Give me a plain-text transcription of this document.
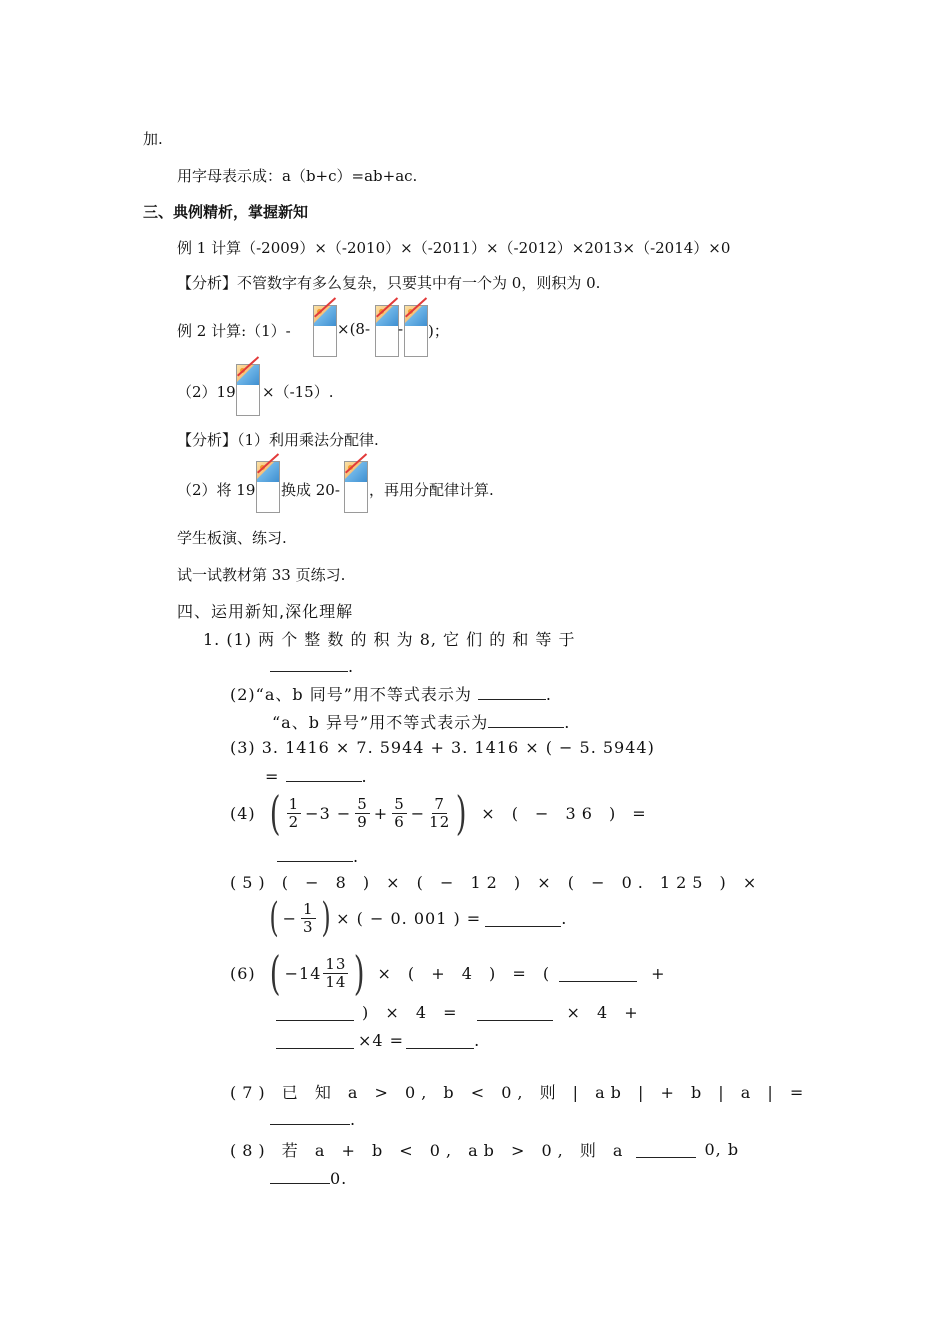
加.
用字母表示成：a（b+c）=ab+ac.
三、典例精析，掌握新知
例 1 计算（-2009）×（-2010）×（-2011）×（-2012）×2013×（-2014）×0
【分析】不管数字有多么复杂，只要其中有一个为 0，则积为 0.
例 2 计算:（1）-	×(8- - )；
（2）19 ×（-15）.
【分析】（1）利用乘法分配律.
（2）将 19 换成 20- ，再用分配律计算.
学生板演、练习.
试一试教材第 33 页练习.
四、运用新知,深化理解
1. (1) 两 个 整 数 的 积 为 8, 它 们 的 和 等 于
.
(2)“a、b 同号”用不等式表示为	.
“a、b 异号”用不等式表示为	.
(3) 3. 1416 × 7. 5944 + 3. 1416 × ( − 5. 5944)
=	.
(4) ( $\frac{1}{2} -3 - \frac{5}{9} + \frac{5}{6} - \frac{7}{12}$ ) × ( − 36 ) =
.
(5) ( − 8 ) × ( − 12 ) × ( − 0. 125 ) ×
( − $\frac{1}{3}$ ) × ( − 0. 001 ) =	.
(6) ( $-14 \frac{13}{14}$ ) × ( + 4 ) = (	+
) × 4 =	× 4 +
×4 =	.
(7) 已 知 a > 0, b < 0, 则 | ab | + b | a | =
.
(8) 若 a + b < 0, ab > 0, 则 a	0, b
0.
